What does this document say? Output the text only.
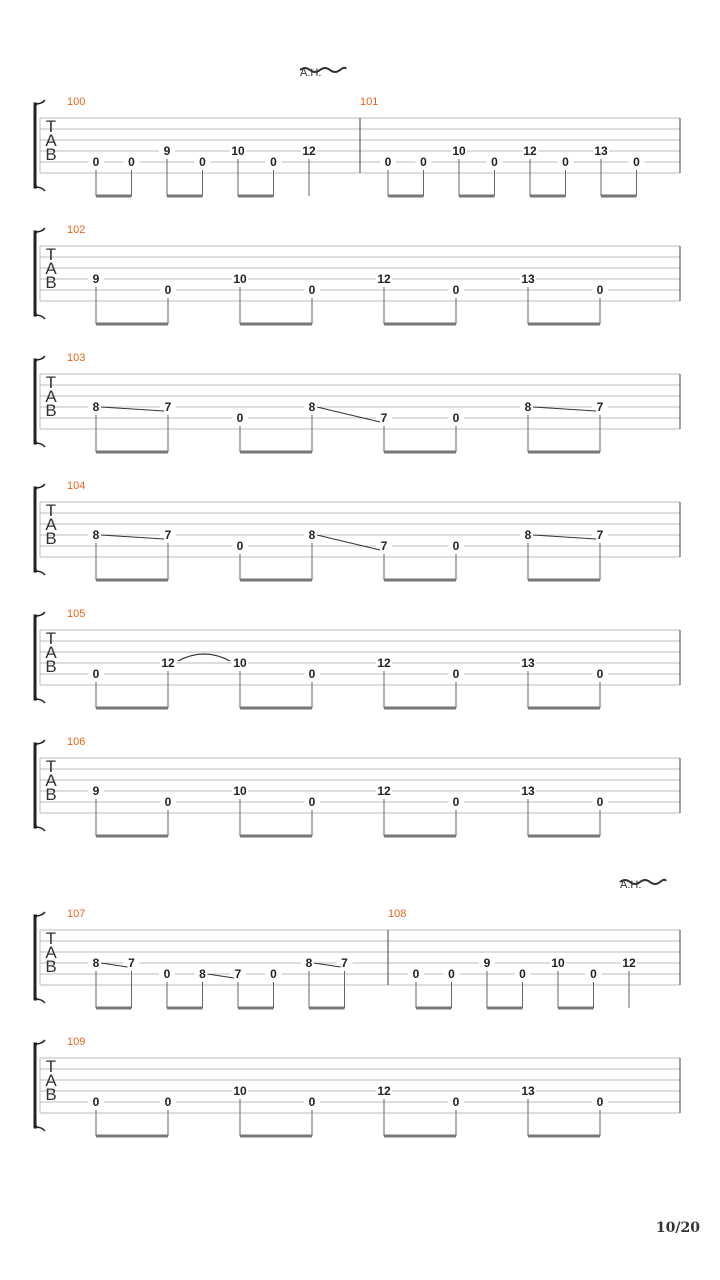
T
A
B
A.H.
100
0 0
9
0
10
0
12
101
0 0
10
0
12
0
13
0
T
A
B
102
9
0
10
0
12
0
13
0
T
A
B
103
8	7
0
8
7	0
8	7
T
A
B
104
8	7
0
8
7	0
8	7
T
A
B
105
0
12	10
0
12
0
13
0
T
A
B
106
9
0
10
0
12
0
13
0
T
A
B
A.H.
107
8 7
0 8 7 0
8 7
108
0 0
9
0
10
0
12
T
A
B
109
0	0
10
0
12
0
13
0
10/20
